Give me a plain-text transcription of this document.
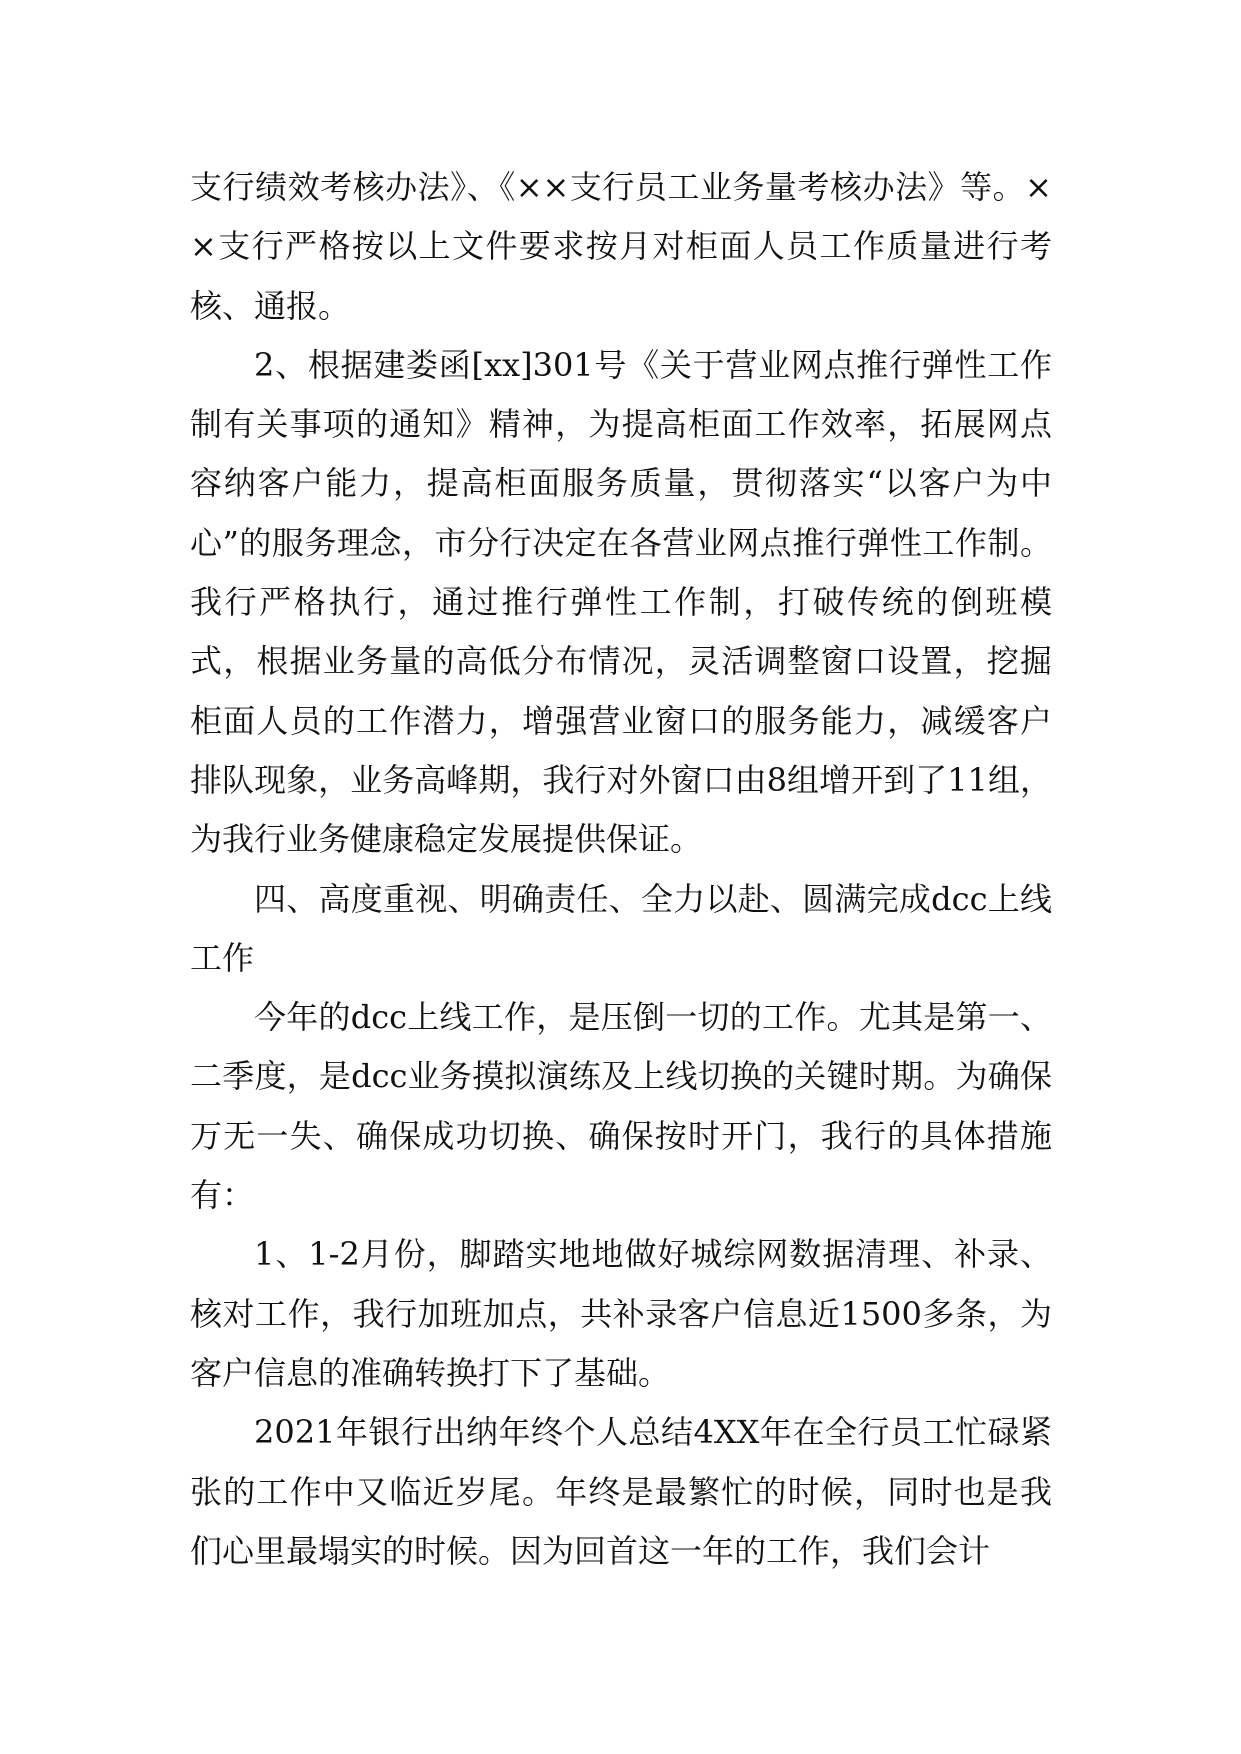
支行绩效考核办法》、《××支行员工业务量考核办法》等。××支行严格按以上文件要求按月对柜面人员工作质量进行考核、通报。

2、根据建娄函[xx]301号《关于营业网点推行弹性工作制有关事项的通知》精神，为提高柜面工作效率，拓展网点容纳客户能力，提高柜面服务质量，贯彻落实“以客户为中心”的服务理念，市分行决定在各营业网点推行弹性工作制。我行严格执行，通过推行弹性工作制，打破传统的倒班模式，根据业务量的高低分布情况，灵活调整窗口设置，挖掘柜面人员的工作潜力，增强营业窗口的服务能力，减缓客户排队现象，业务高峰期，我行对外窗口由8组增开到了11组，为我行业务健康稳定发展提供保证。

四、高度重视、明确责任、全力以赴、圆满完成dcc上线工作

今年的dcc上线工作，是压倒一切的工作。尤其是第一、二季度，是dcc业务摸拟演练及上线切换的关键时期。为确保万无一失、确保成功切换、确保按时开门，我行的具体措施有：

1、1-2月份，脚踏实地地做好城综网数据清理、补录、核对工作，我行加班加点，共补录客户信息近1500多条，为客户信息的准确转换打下了基础。

2021年银行出纳年终个人总结4XX年在全行员工忙碌紧张的工作中又临近岁尾。年终是最繁忙的时候，同时也是我们心里最塌实的时候。因为回首这一年的工作，我们会计
